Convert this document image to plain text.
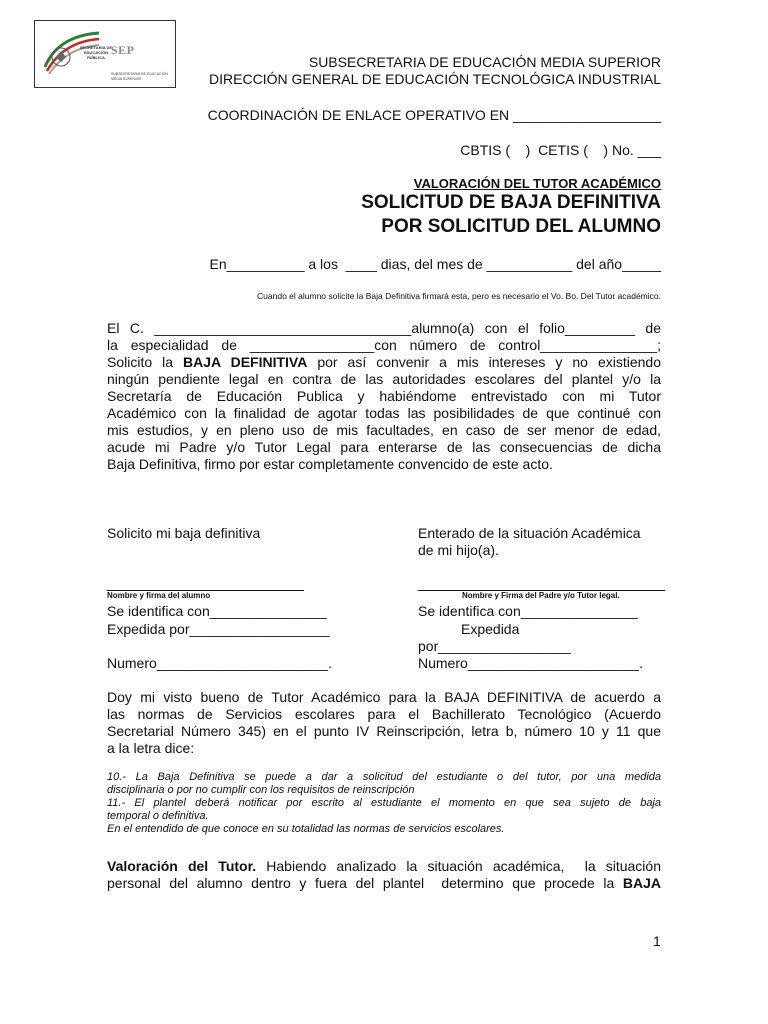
SECRETARIA DE EDUCACIÓN PÚBLICA
SEP
SUBSECRETARIA DE EDUCACIÓN MEDIA SUPERIOR
SUBSECRETARIA DE EDUCACIÓN MEDIA SUPERIOR
DIRECCIÓN GENERAL DE EDUCACIÓN TECNOLÓGICA INDUSTRIAL
COORDINACIÓN DE ENLACE OPERATIVO EN ___________________
CBTIS (    )  CETIS (    ) No. ___
VALORACIÓN DEL TUTOR ACADÉMICO
SOLICITUD DE BAJA DEFINITIVA
POR SOLICITUD DEL ALUMNO
En__________ a los  ____ dias, del mes de ___________ del año_____
Cuando el alumno solicite la Baja Definitiva firmará esta, pero es necesario el Vo. Bo. Del Tutor académico.
El C. _________________________________alumno(a) con el folio_________ de
la especialidad de ________________con número de control_______________;
Solicito la BAJA DEFINITIVA por así convenir a mis intereses y no existiendo
ningún pendiente legal en contra de las autoridades escolares del plantel y/o la
Secretaría de Educación Publica y habiéndome entrevistado con mi Tutor
Académico con la finalidad de agotar todas las posibilidades de que continué con
mis estudios, y en pleno uso de mis facultades, en caso de ser menor de edad,
acude mi Padre y/o Tutor Legal para enterarse de las consecuencias de dicha
Baja Definitiva, firmo por estar completamente convencido de este acto.
Solicito mi baja definitiva	Enterado de la situación Académica
de mi hijo(a).
Nombre y firma del alumno	Nombre y Firma del Padre y/o Tutor legal.
Se identifica con_______________
Expedida por__________________
Numero______________________.
Se identifica con_______________
Expedida
por_________________
Numero______________________.
Doy mi visto bueno de Tutor Académico para la BAJA DEFINITIVA de acuerdo a
las normas de Servicios escolares para el Bachillerato Tecnológico (Acuerdo
Secretarial Número 345) en el punto IV Reinscripción, letra b, número 10 y 11 que
a la letra dice:
10.- La Baja Definitiva se puede a dar a solicitud del estudiante o del tutor, por una medida
disciplinaria o por no cumplir con los requisitos de reinscripción
11.- El plantel deberá notificar por escrito al estudiante el momento en que sea sujeto de baja
temporal o definitiva.
En el entendido de que conoce en su totalidad las normas de servicios escolares.
Valoración del Tutor. Habiendo analizado la situación académica,  la situación
personal del alumno dentro y fuera del plantel  determino que procede la BAJA
1
